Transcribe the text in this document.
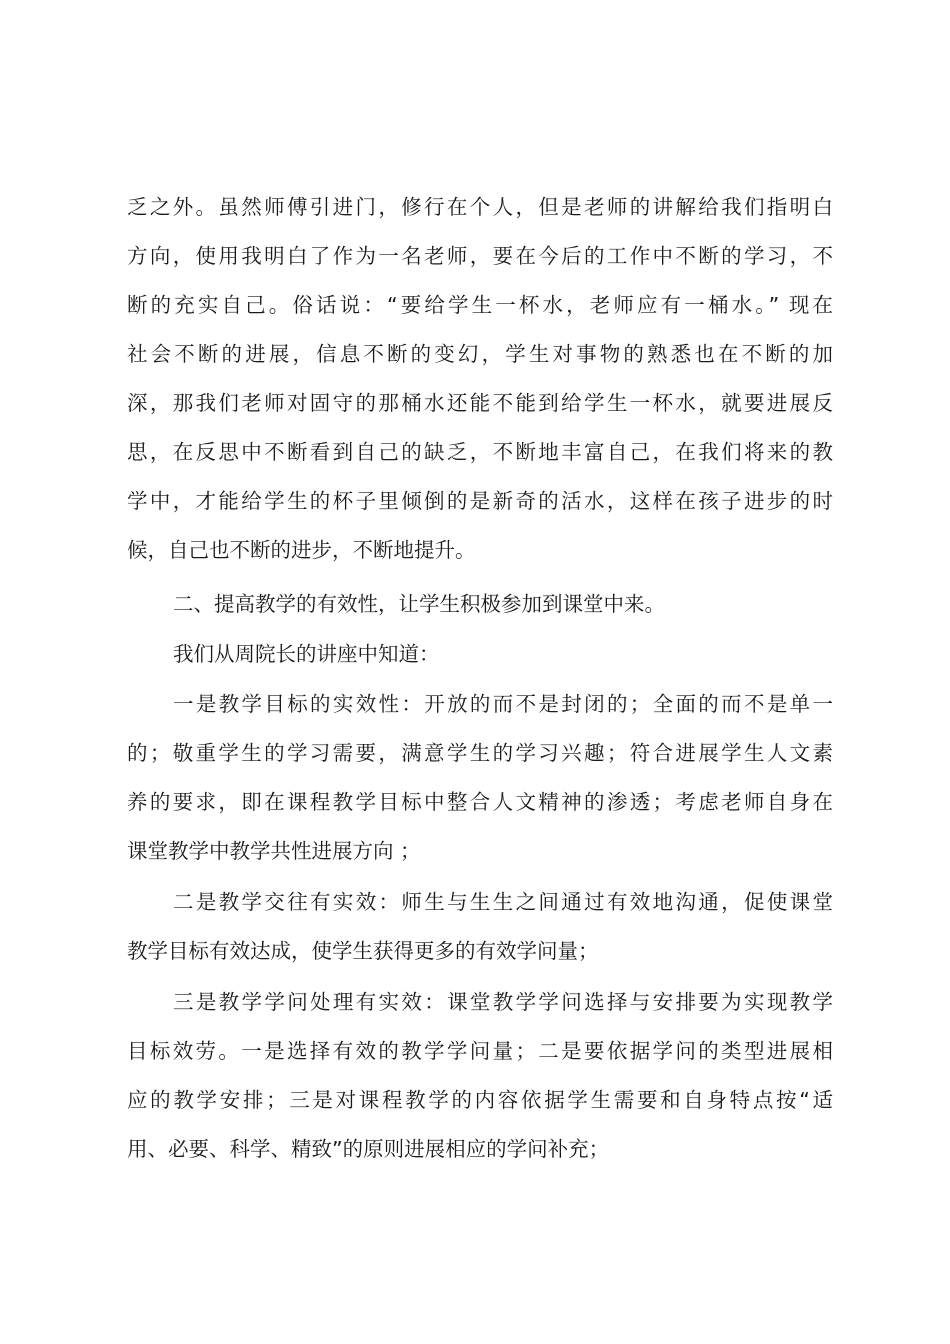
乏之外。虽然师傅引进门，修行在个人，但是老师的讲解给我们指明白
方向，使用我明白了作为一名老师，要在今后的工作中不断的学习，不
断的充实自己。俗话说：“要给学生一杯水，老师应有一桶水。” 现在
社会不断的进展，信息不断的变幻，学生对事物的熟悉也在不断的加
深，那我们老师对固守的那桶水还能不能到给学生一杯水，就要进展反
思，在反思中不断看到自己的缺乏，不断地丰富自己，在我们将来的教
学中，才能给学生的杯子里倾倒的是新奇的活水，这样在孩子进步的时
候，自己也不断的进步，不断地提升。
二、提高教学的有效性，让学生积极参加到课堂中来。
我们从周院长的讲座中知道：
一是教学目标的实效性：开放的而不是封闭的；全面的而不是单一
的；敬重学生的学习需要，满意学生的学习兴趣；符合进展学生人文素
养的要求，即在课程教学目标中整合人文精神的渗透；考虑老师自身在
课堂教学中教学共性进展方向 ；
二是教学交往有实效：师生与生生之间通过有效地沟通，促使课堂
教学目标有效达成，使学生获得更多的有效学问量；
三是教学学问处理有实效：课堂教学学问选择与安排要为实现教学
目标效劳。一是选择有效的教学学问量；二是要依据学问的类型进展相
应的教学安排；三是对课程教学的内容依据学生需要和自身特点按“适
用、必要、科学、精致”的原则进展相应的学问补充；
